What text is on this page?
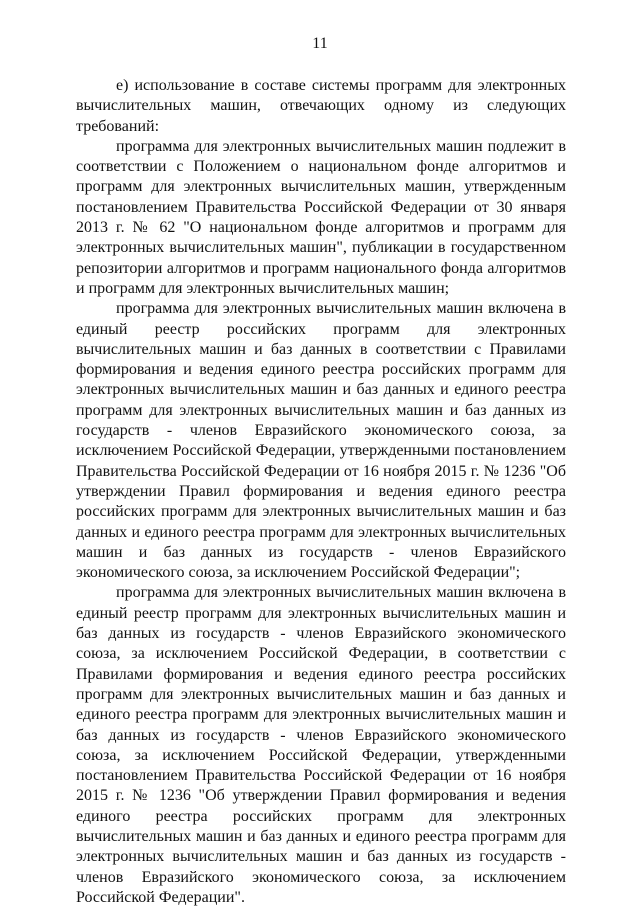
11

е) использование в составе системы программ для электронных вычислительных машин, отвечающих одному из следующих требований:

программа для электронных вычислительных машин подлежит в соответствии с Положением о национальном фонде алгоритмов и программ для электронных вычислительных машин, утвержденным постановлением Правительства Российской Федерации от 30 января 2013 г. № 62 "О национальном фонде алгоритмов и программ для электронных вычислительных машин", публикации в государственном репозитории алгоритмов и программ национального фонда алгоритмов и программ для электронных вычислительных машин;

программа для электронных вычислительных машин включена в единый реестр российских программ для электронных вычислительных машин и баз данных в соответствии с Правилами формирования и ведения единого реестра российских программ для электронных вычислительных машин и баз данных и единого реестра программ для электронных вычислительных машин и баз данных из государств - членов Евразийского экономического союза, за исключением Российской Федерации, утвержденными постановлением Правительства Российской Федерации от 16 ноября 2015 г. № 1236 "Об утверждении Правил формирования и ведения единого реестра российских программ для электронных вычислительных машин и баз данных и единого реестра программ для электронных вычислительных машин и баз данных из государств - членов Евразийского экономического союза, за исключением Российской Федерации";

программа для электронных вычислительных машин включена в единый реестр программ для электронных вычислительных машин и баз данных из государств - членов Евразийского экономического союза, за исключением Российской Федерации, в соответствии с Правилами формирования и ведения единого реестра российских программ для электронных вычислительных машин и баз данных и единого реестра программ для электронных вычислительных машин и баз данных из государств - членов Евразийского экономического союза, за исключением Российской Федерации, утвержденными постановлением Правительства Российской Федерации от 16 ноября 2015 г. № 1236 "Об утверждении Правил формирования и ведения единого реестра российских программ для электронных вычислительных машин и баз данных и единого реестра программ для электронных вычислительных машин и баз данных из государств - членов Евразийского экономического союза, за исключением Российской Федерации".
